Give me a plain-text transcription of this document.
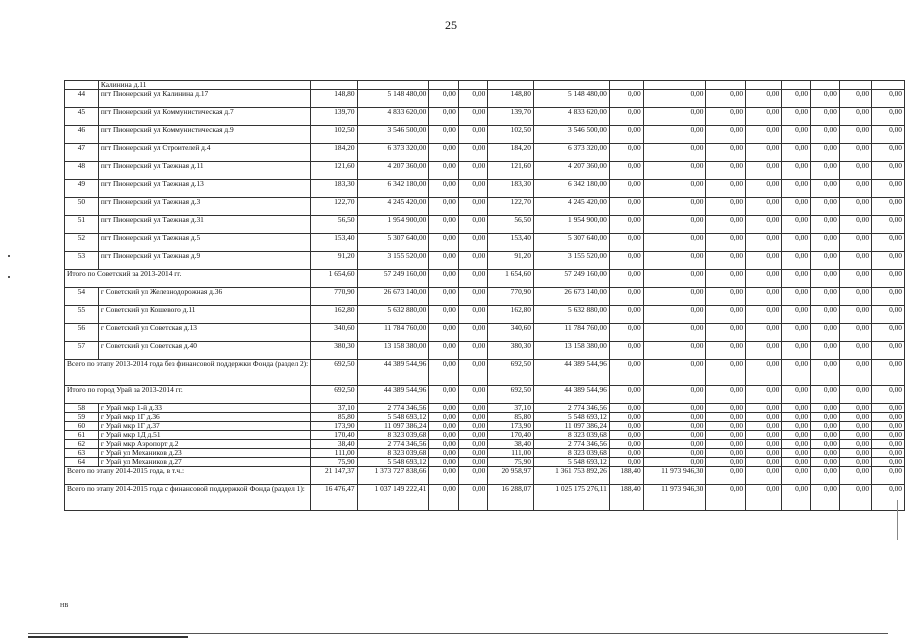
25
	Калинина д.11														
44	пгт Пионерский ул Калинина д.17	148,80	5 148 480,00	0,00	0,00	148,80	5 148 480,00	0,00	0,00	0,00	0,00	0,00	0,00	0,00	0,00
45	пгт Пионерский ул Коммунистическая д.7	139,70	4 833 620,00	0,00	0,00	139,70	4 833 620,00	0,00	0,00	0,00	0,00	0,00	0,00	0,00	0,00
46	пгт Пионерский ул Коммунистическая д.9	102,50	3 546 500,00	0,00	0,00	102,50	3 546 500,00	0,00	0,00	0,00	0,00	0,00	0,00	0,00	0,00
47	пгт Пионерский ул Строителей д.4	184,20	6 373 320,00	0,00	0,00	184,20	6 373 320,00	0,00	0,00	0,00	0,00	0,00	0,00	0,00	0,00
48	пгт Пионерский ул Таежная д.11	121,60	4 207 360,00	0,00	0,00	121,60	4 207 360,00	0,00	0,00	0,00	0,00	0,00	0,00	0,00	0,00
49	пгт Пионерский ул Таежная д.13	183,30	6 342 180,00	0,00	0,00	183,30	6 342 180,00	0,00	0,00	0,00	0,00	0,00	0,00	0,00	0,00
50	пгт Пионерский ул Таежная д.3	122,70	4 245 420,00	0,00	0,00	122,70	4 245 420,00	0,00	0,00	0,00	0,00	0,00	0,00	0,00	0,00
51	пгт Пионерский ул Таежная д.31	56,50	1 954 900,00	0,00	0,00	56,50	1 954 900,00	0,00	0,00	0,00	0,00	0,00	0,00	0,00	0,00
52	пгт Пионерский ул Таежная д.5	153,40	5 307 640,00	0,00	0,00	153,40	5 307 640,00	0,00	0,00	0,00	0,00	0,00	0,00	0,00	0,00
53	пгт Пионерский ул Таежная д.9	91,20	3 155 520,00	0,00	0,00	91,20	3 155 520,00	0,00	0,00	0,00	0,00	0,00	0,00	0,00	0,00
Итого по Советский за 2013-2014 гг.		1 654,60	57 249 160,00	0,00	0,00	1 654,60	57 249 160,00	0,00	0,00	0,00	0,00	0,00	0,00	0,00	0,00
54	г Советский ул Железнодорожная д.36	770,90	26 673 140,00	0,00	0,00	770,90	26 673 140,00	0,00	0,00	0,00	0,00	0,00	0,00	0,00	0,00
55	г Советский ул Кошевого д.11	162,80	5 632 880,00	0,00	0,00	162,80	5 632 880,00	0,00	0,00	0,00	0,00	0,00	0,00	0,00	0,00
56	г Советский ул Советская д.13	340,60	11 784 760,00	0,00	0,00	340,60	11 784 760,00	0,00	0,00	0,00	0,00	0,00	0,00	0,00	0,00
57	г Советский ул Советская д.40	380,30	13 158 380,00	0,00	0,00	380,30	13 158 380,00	0,00	0,00	0,00	0,00	0,00	0,00	0,00	0,00
Всего по этапу 2013-2014 года без финансовой поддержки Фонда (раздел 2):		692,50	44 389 544,96	0,00	0,00	692,50	44 389 544,96	0,00	0,00	0,00	0,00	0,00	0,00	0,00	0,00
Итого по город Урай за 2013-2014 гг.		692,50	44 389 544,96	0,00	0,00	692,50	44 389 544,96	0,00	0,00	0,00	0,00	0,00	0,00	0,00	0,00
58	г Урай мкр 1-й д.33	37,10	2 774 346,56	0,00	0,00	37,10	2 774 346,56	0,00	0,00	0,00	0,00	0,00	0,00	0,00	0,00
59	г Урай мкр 1Г д.36	85,80	5 548 693,12	0,00	0,00	85,80	5 548 693,12	0,00	0,00	0,00	0,00	0,00	0,00	0,00	0,00
60	г Урай мкр 1Г д.37	173,90	11 097 386,24	0,00	0,00	173,90	11 097 386,24	0,00	0,00	0,00	0,00	0,00	0,00	0,00	0,00
61	г Урай мкр 1Д д.51	170,40	8 323 039,68	0,00	0,00	170,40	8 323 039,68	0,00	0,00	0,00	0,00	0,00	0,00	0,00	0,00
62	г Урай мкр Аэропорт д.2	38,40	2 774 346,56	0,00	0,00	38,40	2 774 346,56	0,00	0,00	0,00	0,00	0,00	0,00	0,00	0,00
63	г Урай ул Механиков д.23	111,00	8 323 039,68	0,00	0,00	111,00	8 323 039,68	0,00	0,00	0,00	0,00	0,00	0,00	0,00	0,00
64	г Урай ул Механиков д.27	75,90	5 548 693,12	0,00	0,00	75,90	5 548 693,12	0,00	0,00	0,00	0,00	0,00	0,00	0,00	0,00
Всего по этапу 2014-2015 года, в т.ч.:		21 147,37	1 373 727 838,66	0,00	0,00	20 958,97	1 361 753 892,26	188,40	11 973 946,30	0,00	0,00	0,00	0,00	0,00	0,00
Всего по этапу 2014-2015 года с финансовой поддержкой Фонда (раздел 1):		16 476,47	1 037 149 222,41	0,00	0,00	16 288,07	1 025 175 276,11	188,40	11 973 946,30	0,00	0,00	0,00	0,00	0,00	0,00
HB
